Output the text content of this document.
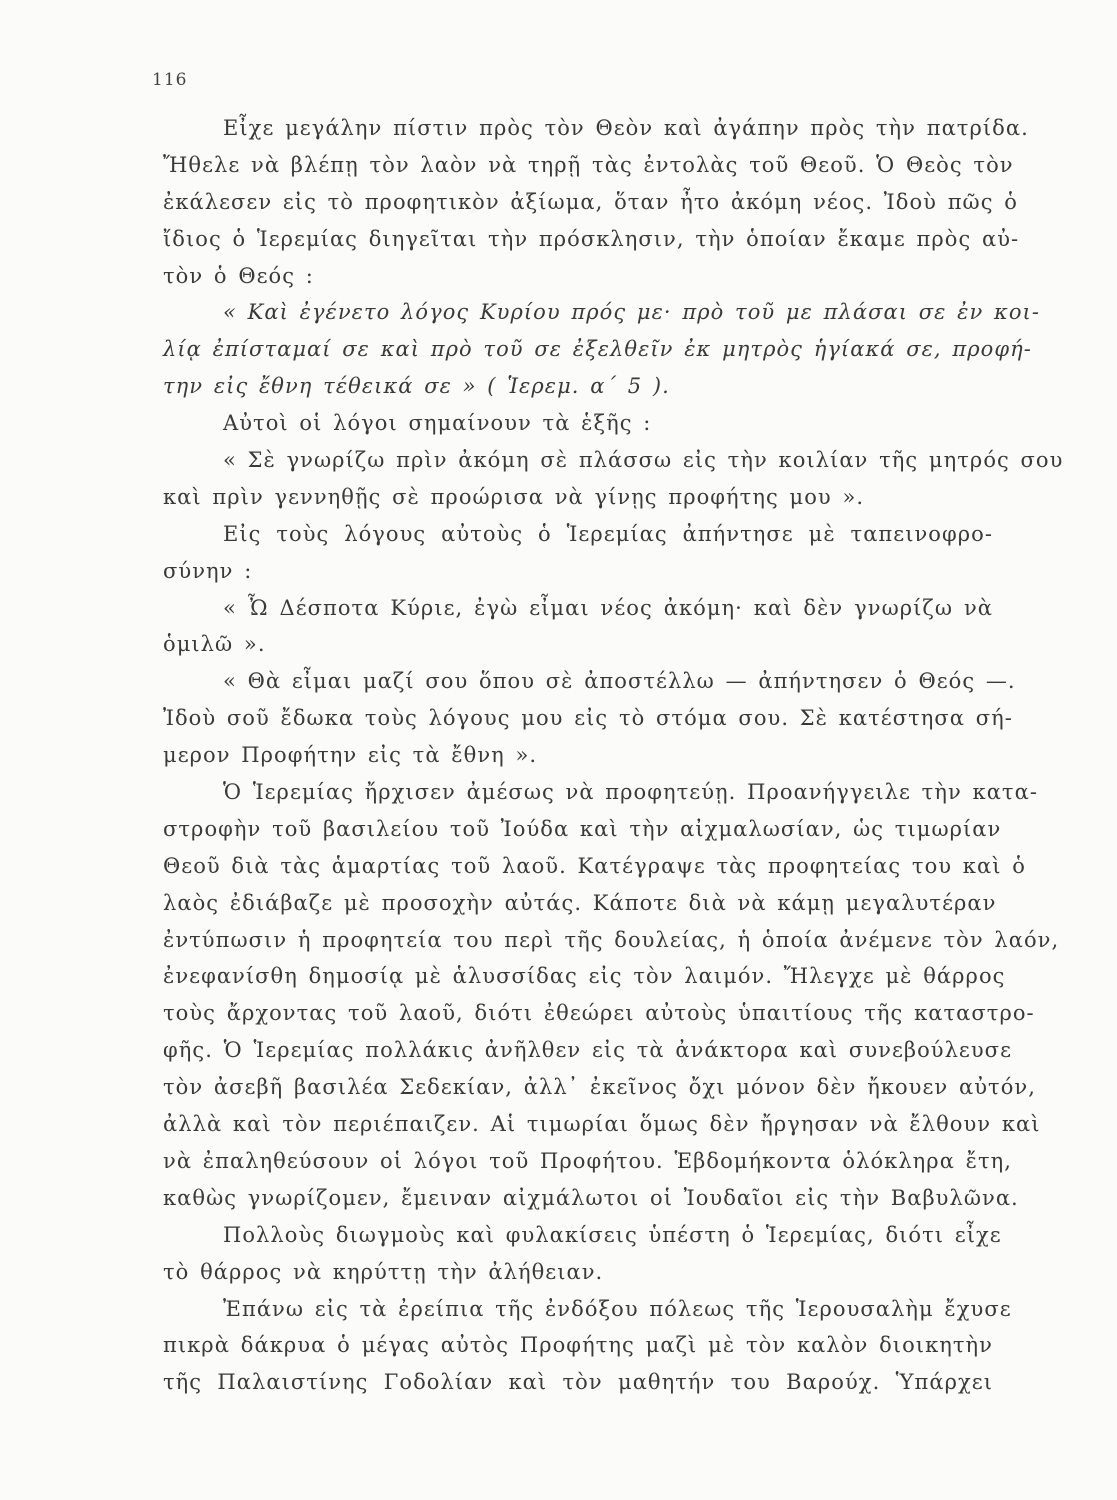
116
Εἶχε μεγάλην πίστιν πρὸς τὸν Θεὸν καὶ ἀγάπην πρὸς τὴν πατρίδα.
Ἤθελε νὰ βλέπῃ τὸν λαὸν νὰ τηρῇ τὰς ἐντολὰς τοῦ Θεοῦ. Ὁ Θεὸς τὸν
ἐκάλεσεν εἰς τὸ προφητικὸν ἀξίωμα, ὅταν ἦτο ἀκόμη νέος. Ἰδοὺ πῶς ὁ
ἴδιος ὁ Ἱερεμίας διηγεῖται τὴν πρόσκλησιν, τὴν ὁποίαν ἔκαμε πρὸς αὐ-
τὸν ὁ Θεός :
« Καὶ ἐγένετο λόγος Κυρίου πρός με· πρὸ τοῦ με πλάσαι σε ἐν κοι-
λίᾳ ἐπίσταμαί σε καὶ πρὸ τοῦ σε ἐξελθεῖν ἐκ μητρὸς ἡγίακά σε, προφή-
την εἰς ἔθνη τέθεικά σε » ( Ἱερεμ. α΄ 5 ).
Αὐτοὶ οἱ λόγοι σημαίνουν τὰ ἑξῆς :
« Σὲ γνωρίζω πρὶν ἀκόμη σὲ πλάσσω εἰς τὴν κοιλίαν τῆς μητρός σου
καὶ πρὶν γεννηθῇς σὲ προώρισα νὰ γίνῃς προφήτης μου ».
Εἰς τοὺς λόγους αὐτοὺς ὁ Ἱερεμίας ἀπήντησε μὲ ταπεινοφρο-
σύνην :
« Ὦ Δέσποτα Κύριε, ἐγὼ εἶμαι νέος ἀκόμη· καὶ δὲν γνωρίζω νὰ
ὁμιλῶ ».
« Θὰ εἶμαι μαζί σου ὅπου σὲ ἀποστέλλω — ἀπήντησεν ὁ Θεός —.
Ἰδοὺ σοῦ ἔδωκα τοὺς λόγους μου εἰς τὸ στόμα σου. Σὲ κατέστησα σή-
μερον Προφήτην εἰς τὰ ἔθνη ».
Ὁ Ἱερεμίας ἤρχισεν ἀμέσως νὰ προφητεύῃ. Προανήγγειλε τὴν κατα-
στροφὴν τοῦ βασιλείου τοῦ Ἰούδα καὶ τὴν αἰχμαλωσίαν, ὡς τιμωρίαν
Θεοῦ διὰ τὰς ἁμαρτίας τοῦ λαοῦ. Κατέγραψε τὰς προφητείας του καὶ ὁ
λαὸς ἐδιάβαζε μὲ προσοχὴν αὐτάς. Κάποτε διὰ νὰ κάμῃ μεγαλυτέραν
ἐντύπωσιν ἡ προφητεία του περὶ τῆς δουλείας, ἡ ὁποία ἀνέμενε τὸν λαόν,
ἐνεφανίσθη δημοσίᾳ μὲ ἁλυσσίδας εἰς τὸν λαιμόν. Ἤλεγχε μὲ θάρρος
τοὺς ἄρχοντας τοῦ λαοῦ, διότι ἐθεώρει αὐτοὺς ὑπαιτίους τῆς καταστρο-
φῆς. Ὁ Ἱερεμίας πολλάκις ἀνῆλθεν εἰς τὰ ἀνάκτορα καὶ συνεβούλευσε
τὸν ἀσεβῆ βασιλέα Σεδεκίαν, ἀλλ᾽ ἐκεῖνος ὄχι μόνον δὲν ἤκουεν αὐτόν,
ἀλλὰ καὶ τὸν περιέπαιζεν. Αἱ τιμωρίαι ὅμως δὲν ἤργησαν νὰ ἔλθουν καὶ
νὰ ἐπαληθεύσουν οἱ λόγοι τοῦ Προφήτου. Ἑβδομήκοντα ὁλόκληρα ἔτη,
καθὼς γνωρίζομεν, ἔμειναν αἰχμάλωτοι οἱ Ἰουδαῖοι εἰς τὴν Βαβυλῶνα.
Πολλοὺς διωγμοὺς καὶ φυλακίσεις ὑπέστη ὁ Ἱερεμίας, διότι εἶχε
τὸ θάρρος νὰ κηρύττῃ τὴν ἀλήθειαν.
Ἐπάνω εἰς τὰ ἐρείπια τῆς ἐνδόξου πόλεως τῆς Ἱερουσαλὴμ ἔχυσε
πικρὰ δάκρυα ὁ μέγας αὐτὸς Προφήτης μαζὶ μὲ τὸν καλὸν διοικητὴν
τῆς Παλαιστίνης Γοδολίαν καὶ τὸν μαθητήν του Βαρούχ. Ὑπάρχει
